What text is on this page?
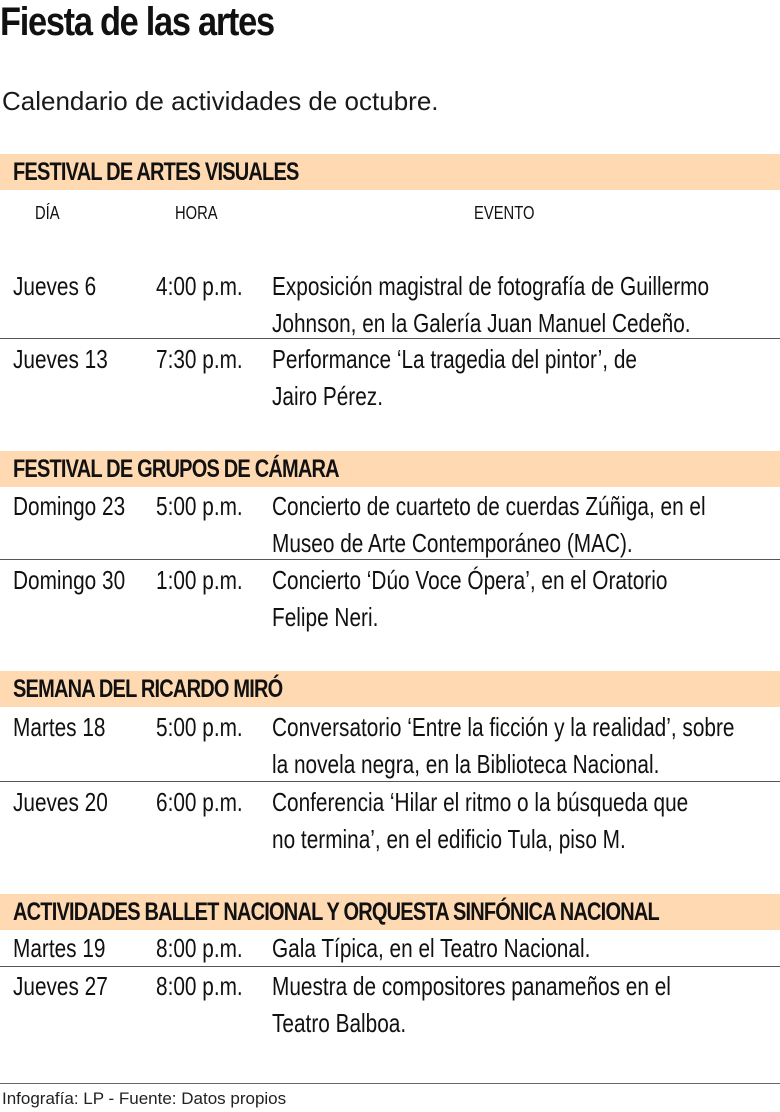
Fiesta de las artes
Calendario de actividades de octubre.
FESTIVAL DE ARTES VISUALES
DÍA	HORA	EVENTO
Jueves 6 4:00 p.m. Exposición magistral de fotografía de Guillermo
Johnson, en la Galería Juan Manuel Cedeño.
Jueves 13 7:30 p.m. Performance ‘La tragedia del pintor’, de
Jairo Pérez.
FESTIVAL DE GRUPOS DE CÁMARA
Domingo 23 5:00 p.m. Concierto de cuarteto de cuerdas Zúñiga, en el
Museo de Arte Contemporáneo (MAC).
Domingo 30 1:00 p.m. Concierto ‘Dúo Voce Ópera’, en el Oratorio
Felipe Neri.
SEMANA DEL RICARDO MIRÓ
Martes 18 5:00 p.m. Conversatorio ‘Entre la ficción y la realidad’, sobre
la novela negra, en la Biblioteca Nacional.
Jueves 20 6:00 p.m. Conferencia ‘Hilar el ritmo o la búsqueda que
no termina’, en el edificio Tula, piso M.
ACTIVIDADES BALLET NACIONAL Y ORQUESTA SINFÓNICA NACIONAL
Martes 19 8:00 p.m. Gala Típica, en el Teatro Nacional.
Jueves 27 8:00 p.m. Muestra de compositores panameños en el
Teatro Balboa.
Infografía: LP - Fuente: Datos propios
